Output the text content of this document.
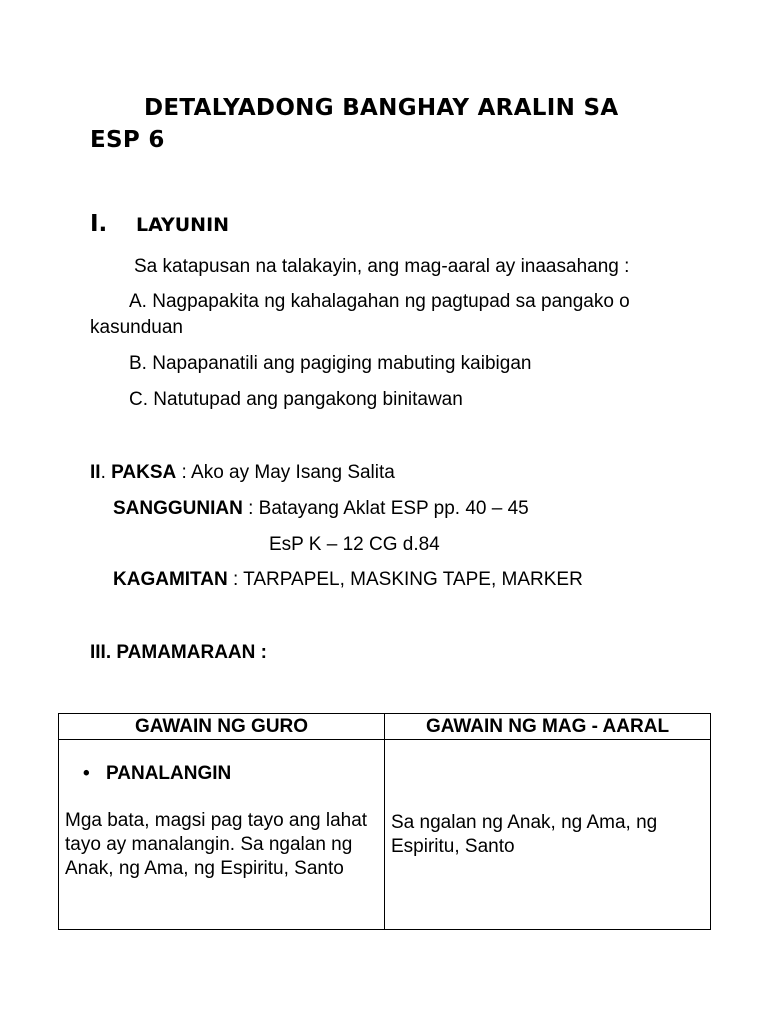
DETALYADONG BANGHAY ARALIN SA
ESP 6
I. LAYUNIN
Sa katapusan na talakayin, ang mag-aaral ay inaasahang :
A. Nagpapakita ng kahalagahan ng pagtupad sa pangako o
kasunduan
B. Napapanatili ang pagiging mabuting kaibigan
C. Natutupad ang pangakong binitawan
II. PAKSA : Ako ay May Isang Salita
SANGGUNIAN : Batayang Aklat ESP pp. 40 – 45
EsP K – 12 CG d.84
KAGAMITAN : TARPAPEL, MASKING TAPE, MARKER
III. PAMAMARAAN :
GAWAIN NG GURO	GAWAIN NG MAG - AARAL

• PANALANGIN
Mga bata, magsi pag tayo ang lahat tayo ay manalangin. Sa ngalan ng Anak, ng Ama, ng Espiritu, Santo	Sa ngalan ng Anak, ng Ama, ng Espiritu, Santo
